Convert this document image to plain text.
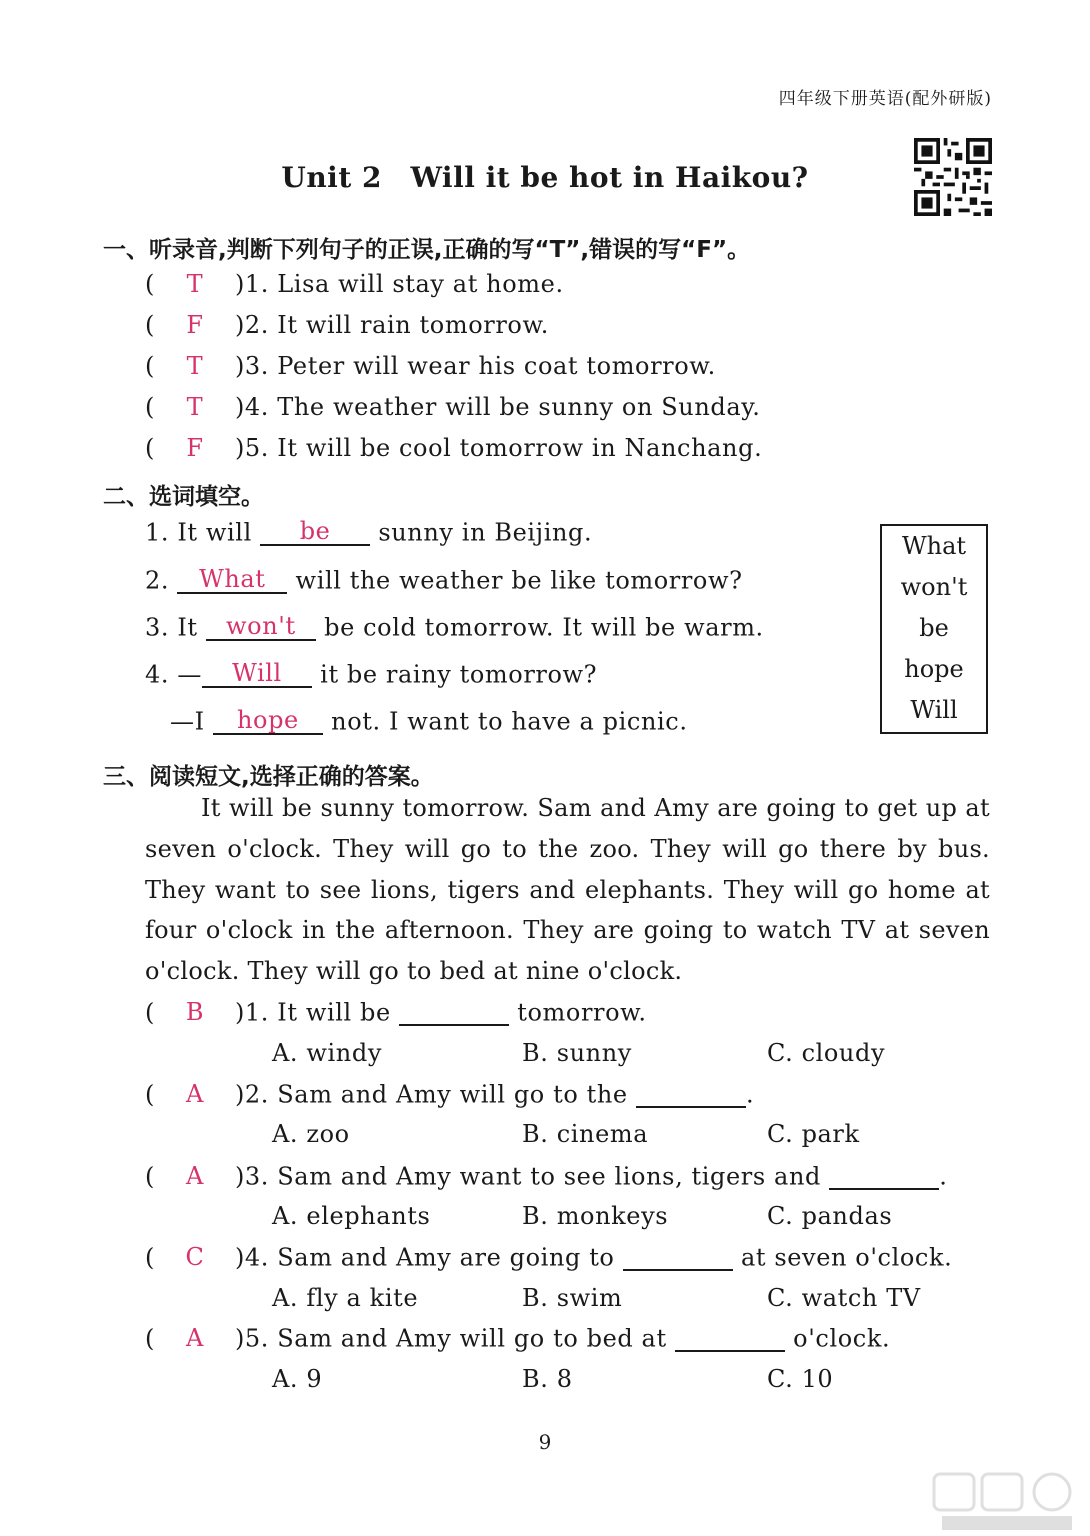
四年级下册英语(配外研版)
Unit 2　Will it be hot in Haikou?
一、听录音,判断下列句子的正误,正确的写“T”,错误的写“F”。
( T )1. Lisa will stay at home.
( F )2. It will rain tomorrow.
( T )3. Peter will wear his coat tomorrow.
( T )4. The weather will be sunny on Sunday.
( F )5. It will be cool tomorrow in Nanchang.
二、选词填空。
1. It will be sunny in Beijing.
2. What will the weather be like tomorrow?
3. It won't be cold tomorrow. It will be warm.
4. — Will it be rainy tomorrow?
—I hope not. I want to have a picnic.
What
won't
be
hope
Will
三、阅读短文,选择正确的答案。
It will be sunny tomorrow. Sam and Amy are going to get up at seven o'clock. They will go to the zoo. They will go there by bus. They want to see lions, tigers and elephants. They will go home at four o'clock in the afternoon. They are going to watch TV at seven o'clock. They will go to bed at nine o'clock.
( B )1. It will be	tomorrow.
A. windy	B. sunny	C. cloudy
( A )2. Sam and Amy will go to the	.
A. zoo	B. cinema	C. park
( A )3. Sam and Amy want to see lions, tigers and	.
A. elephants	B. monkeys	C. pandas
( C )4. Sam and Amy are going to	at seven o'clock.
A. fly a kite	B. swim	C. watch TV
( A )5. Sam and Amy will go to bed at	o'clock.
A. 9	B. 8	C. 10
9
